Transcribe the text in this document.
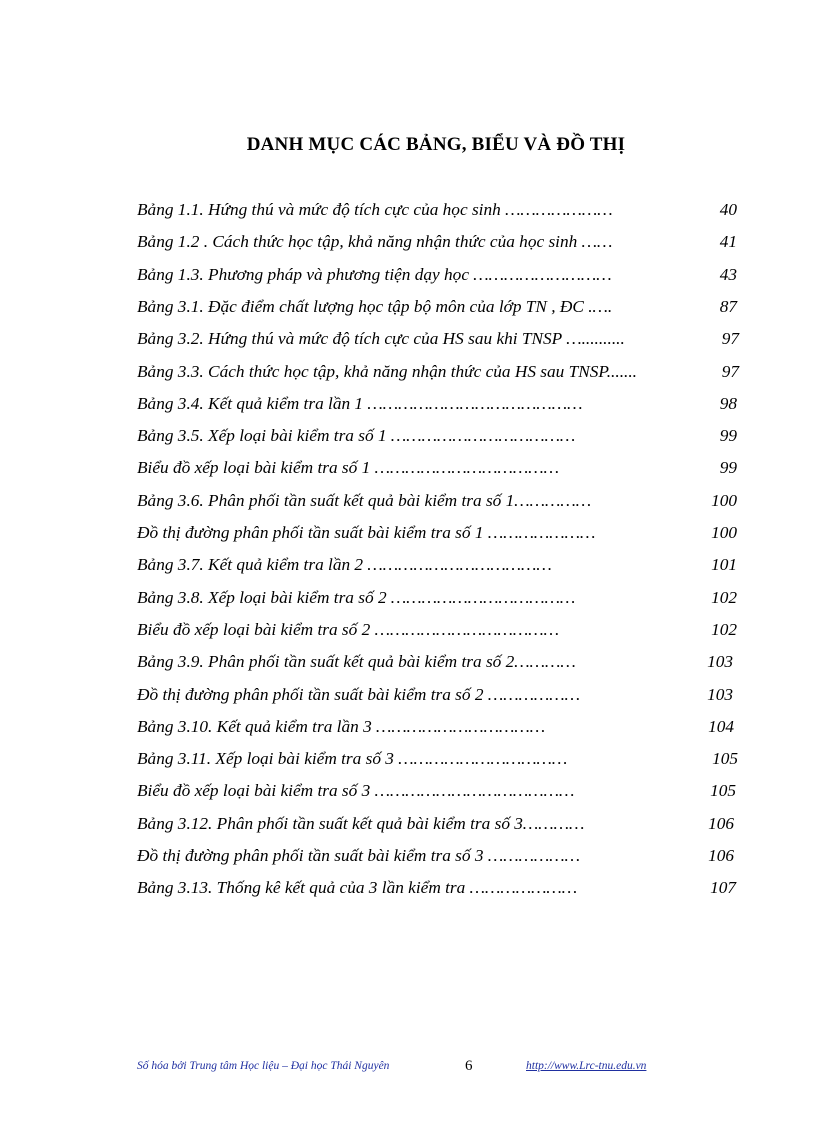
DANH MỤC CÁC BẢNG, BIỂU VÀ ĐỒ THỊ
Bảng 1.1. Hứng thú và mức độ tích cực của học sinh …………………	40
Bảng 1.2 . Cách thức học tập, khả năng nhận thức của học sinh ……	41
Bảng 1.3. Phương pháp và phương tiện dạy học ………………………	43
Bảng 3.1. Đặc điểm chất lượng học tập bộ môn của lớp TN , ĐC .….	87
Bảng 3.2. Hứng thú và mức độ tích cực của HS sau khi TNSP …..........	97
Bảng 3.3. Cách thức học tập, khả năng nhận thức của HS sau TNSP.......	97
Bảng 3.4. Kết quả kiểm tra lần 1 ……………………………………	98
Bảng 3.5. Xếp loại bài kiểm tra số 1 ………………………………	99
Biểu đồ xếp loại bài kiểm tra số 1 ………………………………	99
Bảng 3.6. Phân phối tần suất kết quả bài kiểm tra số 1……………	100
Đồ thị đường phân phối tần suất bài kiểm tra số 1 …………………	100
Bảng 3.7. Kết quả kiểm tra lần 2 ………………………………	101
Bảng 3.8. Xếp loại bài kiểm tra số 2 ………………………………	102
Biểu đồ xếp loại bài kiểm tra số 2 ………………………………	102
Bảng 3.9. Phân phối tần suất kết quả bài kiểm tra số 2…………	103
Đồ thị đường phân phối tần suất bài kiểm tra số 2 ………………	103
Bảng 3.10. Kết quả kiểm tra lần 3 ……………………………	104
Bảng 3.11. Xếp loại bài kiểm tra số 3 ……………………………	105
Biểu đồ xếp loại bài kiểm tra số 3 …………………………………	105
Bảng 3.12. Phân phối tần suất kết quả bài kiểm tra số 3…………	106
Đồ thị đường phân phối tần suất bài kiểm tra số 3 ………………	106
Bảng 3.13. Thống kê kết quả của 3 lần kiểm tra …………………	107
Số hóa bởi Trung tâm Học liệu – Đại học Thái Nguyên	6	http://www.Lrc-tnu.edu.vn
